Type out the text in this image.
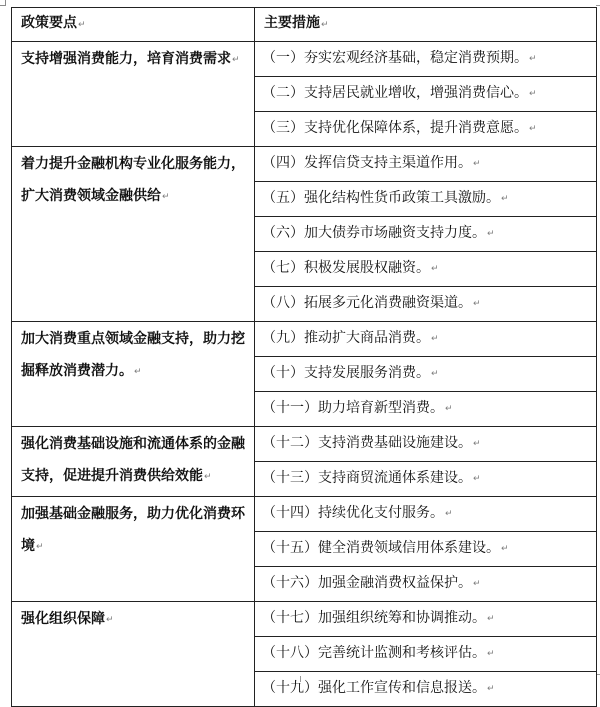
政策要点↵	主要措施↵
支持增强消费能力，培育消费需求↵	（一）夯实宏观经济基础，稳定消费预期。↵
	（二）支持居民就业增收，增强消费信心。↵
	（三）支持优化保障体系，提升消费意愿。↵
着力提升金融机构专业化服务能力，扩大消费领域金融供给↵	（四）发挥信贷支持主渠道作用。↵
	（五）强化结构性货币政策工具激励。↵
	（六）加大债券市场融资支持力度。↵
	（七）积极发展股权融资。↵
	（八）拓展多元化消费融资渠道。↵
加大消费重点领域金融支持，助力挖掘释放消费潜力。↵	（九）推动扩大商品消费。↵
	（十）支持发展服务消费。↵
	（十一）助力培育新型消费。↵
强化消费基础设施和流通体系的金融支持，促进提升消费供给效能↵	（十二）支持消费基础设施建设。↵
	（十三）支持商贸流通体系建设。↵
加强基础金融服务，助力优化消费环境↵	（十四）持续优化支付服务。↵
	（十五）健全消费领域信用体系建设。↵
	（十六）加强金融消费权益保护。↵
强化组织保障↵	（十七）加强组织统筹和协调推动。↵
	（十八）完善统计监测和考核评估。↵
	（十九）强化工作宣传和信息报送。↵
